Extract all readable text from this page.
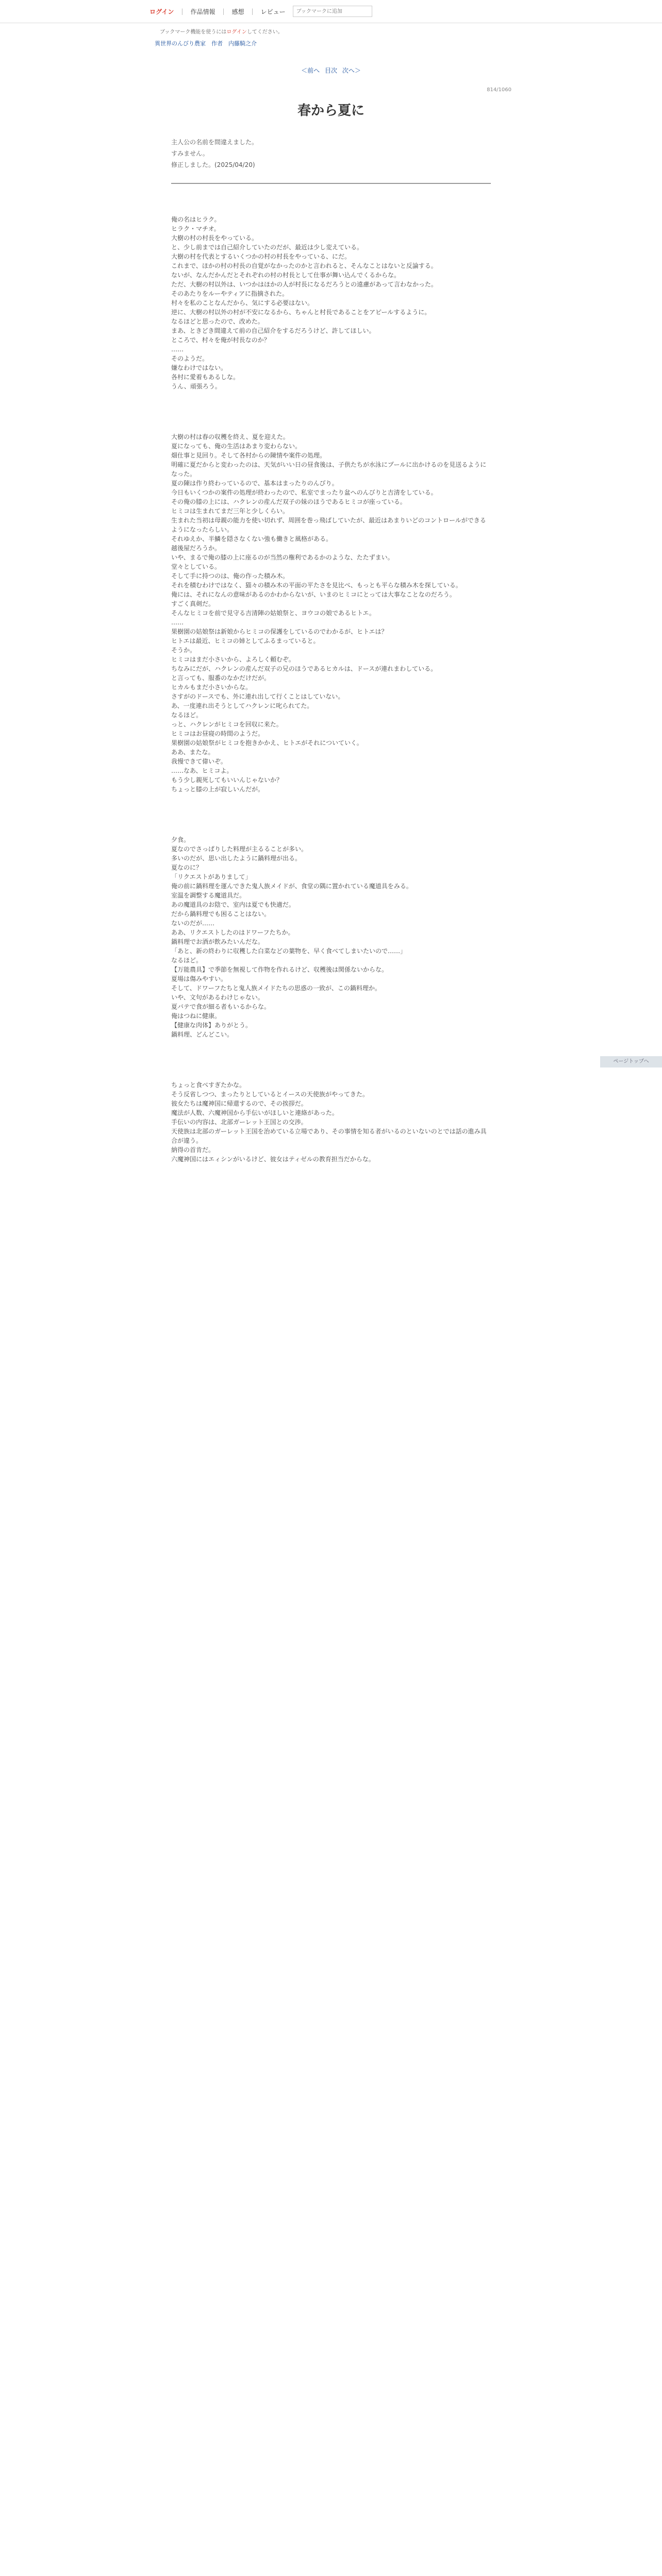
ログイン | 作品情報 | 感想 | レビュー
ブックマークに追加
ブックマーク機能を使うにはログインしてください。
異世界のんびり農家　作者　内藤騎之介
＜前へ 目次 次へ＞
814/1060
春から夏に

主人公の名前を間違えました。

すみません。

修正しました。(2025/04/20)

俺の名はヒラク。

ヒラク・マチオ。

大樹の村の村長をやっている。

と、少し前までは自己紹介していたのだが、最近は少し変えている。

大樹の村を代表とするいくつかの村の村長をやっている、にだ。

これまで、ほかの村の村長の自覚がなかったのかと言われると、そんなことはないと反論する。

ないが、なんだかんだとそれぞれの村の村長として仕事が舞い込んでくるからな。

ただ、大樹の村以外は、いつかはほかの人が村長になるだろうとの遠慮があって言わなかった。

そのあたりをルーやティアに指摘された。

村々を私のことなんだから、気にする必要はない。

逆に、大樹の村以外の村が不安になるから、ちゃんと村長であることをアピールするように。

なるほどと思ったので、改めた。

まあ、ときどき間違えて前の自己紹介をするだろうけど、許してほしい。

ところで、村々を俺が村長なのか？

……

そのようだ。

嫌なわけではない。

各村に愛着もあるしな。

うん、頑張ろう。

大樹の村は春の収穫を終え、夏を迎えた。

夏になっても、俺の生活はあまり変わらない。

畑仕事と見回り。そして各村からの陳情や案件の処理。

明確に夏だからと変わったのは、天気がいい日の昼食後は、子供たちが水泳にプールに出かけるのを見送るようになった。

夏の陳は作り終わっているので、基本はまったりのんびり。

今日もいくつかの案件の処理が終わったので、私室でまったり盆へのんびりと吉清をしている。

その俺の膝の上には、ハクレンの産んだ双子の妹のほうであるヒミコが座っている。

ヒミコは生まれてまだ三年と少しくらい。

生まれた当初は母親の能力を使い切れず、周囲を巻っ飛ばしていたが、最近はあまりいどのコントロールができるようになったらしい。

それゆえか、半鱗を隠さなくない強も働きと風格がある。

越後屋だろうか。

いや、まるで俺の膝の上に座るのが当然の権利であるかのような、たたずまい。

堂々としている。

そして手に持つのは、俺の作った積み木。

それを積むわけではなく、猫々の積み木の平面の平たさを見比べ、もっとも平らな積み木を探している。

俺には、それになんの意味があるのかわからないが、いまのヒミコにとっては大事なことなのだろう。

すごく真剣だ。

そんなヒミコを前で見守る吉清陣の姑娘祭と、ヨウコの娘であるヒトエ。

……

果樹園の姑娘祭は新娘からヒミコの保護をしているのでわかるが、ヒトエは？

ヒトエは最近、ヒミコの姉としてふるまっていると。

そうか。

ヒミコはまだ小さいから、よろしく頼むぞ。

ちなみにだが、ハクレンの産んだ双子の兄のほうであるヒカルは、ドースが連れまわしている。

と言っても、服番のなかだけだが。

ヒカルもまだ小さいからな。

さすがのドースでも、外に連れ出して行くことはしていない。

あ、一度連れ出そうとしてハクレンに叱られてた。

なるほど。

っと、ハクレンがヒミコを回収に来た。

ヒミコはお昼寝の時間のようだ。

果樹園の姑娘祭がヒミコを抱きかかえ、ヒトエがそれについていく。

ああ、またな。

我慢できて偉いぞ。

……なあ、ヒミコよ。

もう少し親死してもいいんじゃないか？

ちょっと膝の上が寂しいんだが。

夕食。

夏なのでさっぱりした料理が主るることが多い。

多いのだが、思い出したように鍋料理が出る。

夏なのに？

「リクエストがありまして」

俺の前に鍋料理を運んできた鬼人族メイドが、食堂の隅に置かれている魔道具をみる。

室温を調整する魔道具だ。

あの魔道具のお陰で、室内は夏でも快適だ。

だから鍋料理でも困ることはない。

ないのだが……

ああ、リクエストしたのはドワーフたちか。

鍋料理でお酒が飲みたいんだな。

「あと、新の終わりに収穫した白菜などの葉物を、早く食べてしまいたいので……」

なるほど。

【万能農具】で季節を無視して作物を作れるけど、収穫後は関係ないからな。

夏場は傷みやすい。

そして、ドワーフたちと鬼人族メイドたちの思惑の一致が、この鍋料理か。

いや、文句があるわけじゃない。

夏バテで食が細る者もいるからな。

俺はつねに健康。

【健康な肉体】ありがとう。

鍋料理、どんどこい。

ちょっと食べすぎたかな。

そう反省しつつ、まったりとしているとイースの天使族がやってきた。

彼女たちは魔神国に帰還するので、その挨拶だ。

魔法が人数、六魔神国から手伝いがほしいと連絡があった。

手伝いの内容は、北部ガーレット王国との交渉。

天使族は北部のガーレット王国を治めている立場であり、その事情を知る者がいるのといないのとでは話の進み具合が違う。

納得の首肯だ。

六魔神国にはエィシンがいるけど、彼女はティゼルの教育担当だからな。

ページトップへ
